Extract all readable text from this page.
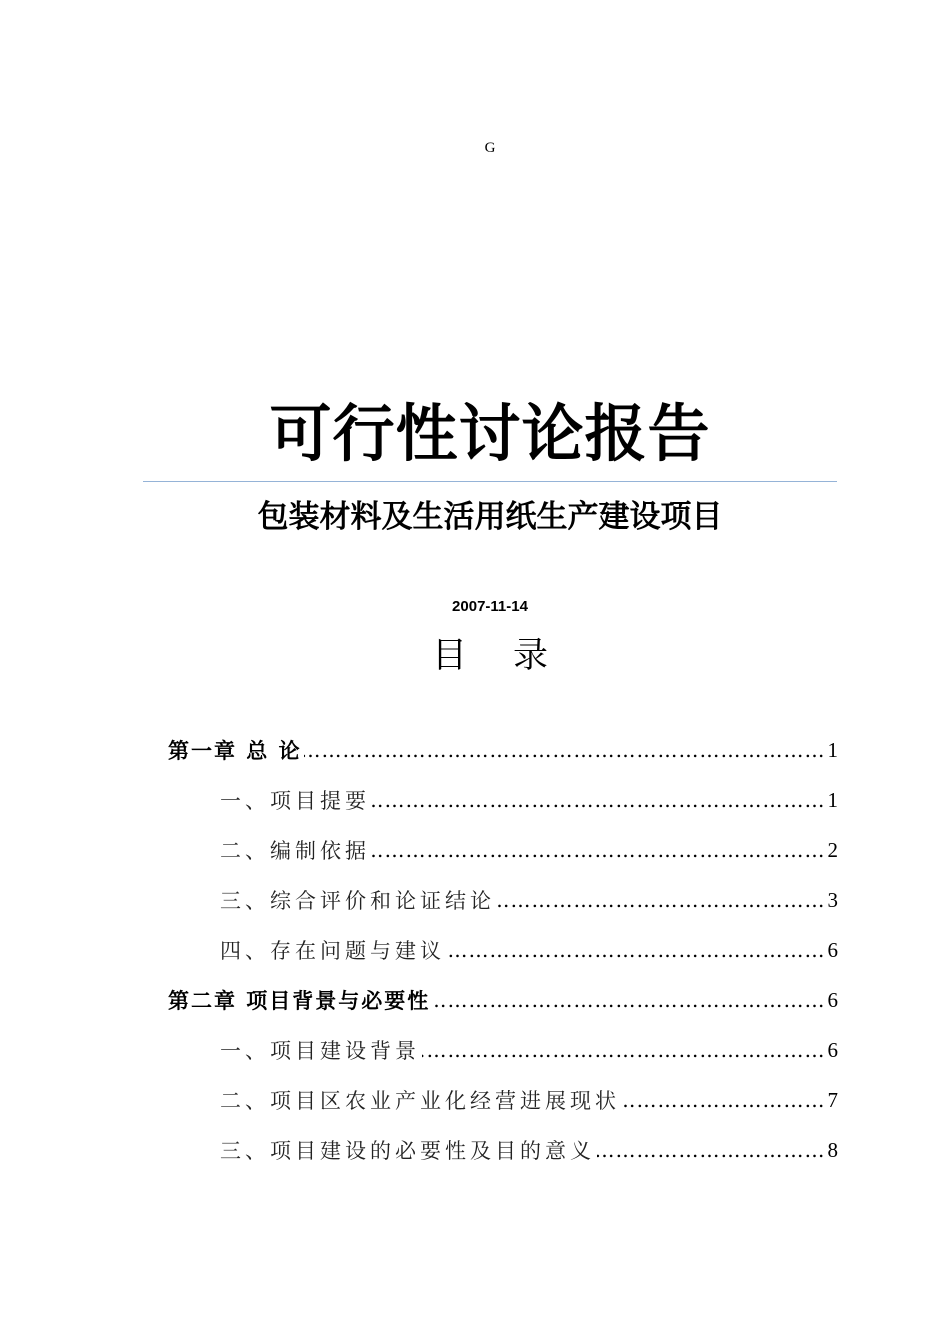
G
可行性讨论报告
包装材料及生活用纸生产建设项目
2007-11-14
目 录
第一章 总 论 ……………………………………………………………………………………………………………………	1
一、项目提要 ……………………………………………………………………………………………………………………	1
二、编制依据 ……………………………………………………………………………………………………………………	2
三、综合评价和论证结论 ……………………………………………………………………………………………………………………	3
四、存在问题与建议 ……………………………………………………………………………………………………………………	6
第二章 项目背景与必要性 ……………………………………………………………………………………………………………………	6
一、项目建设背景 ……………………………………………………………………………………………………………………	6
二、项目区农业产业化经营进展现状 ……………………………………………………………………………………………………………………	7
三、项目建设的必要性及目的意义 ……………………………………………………………………………………………………………………	8
